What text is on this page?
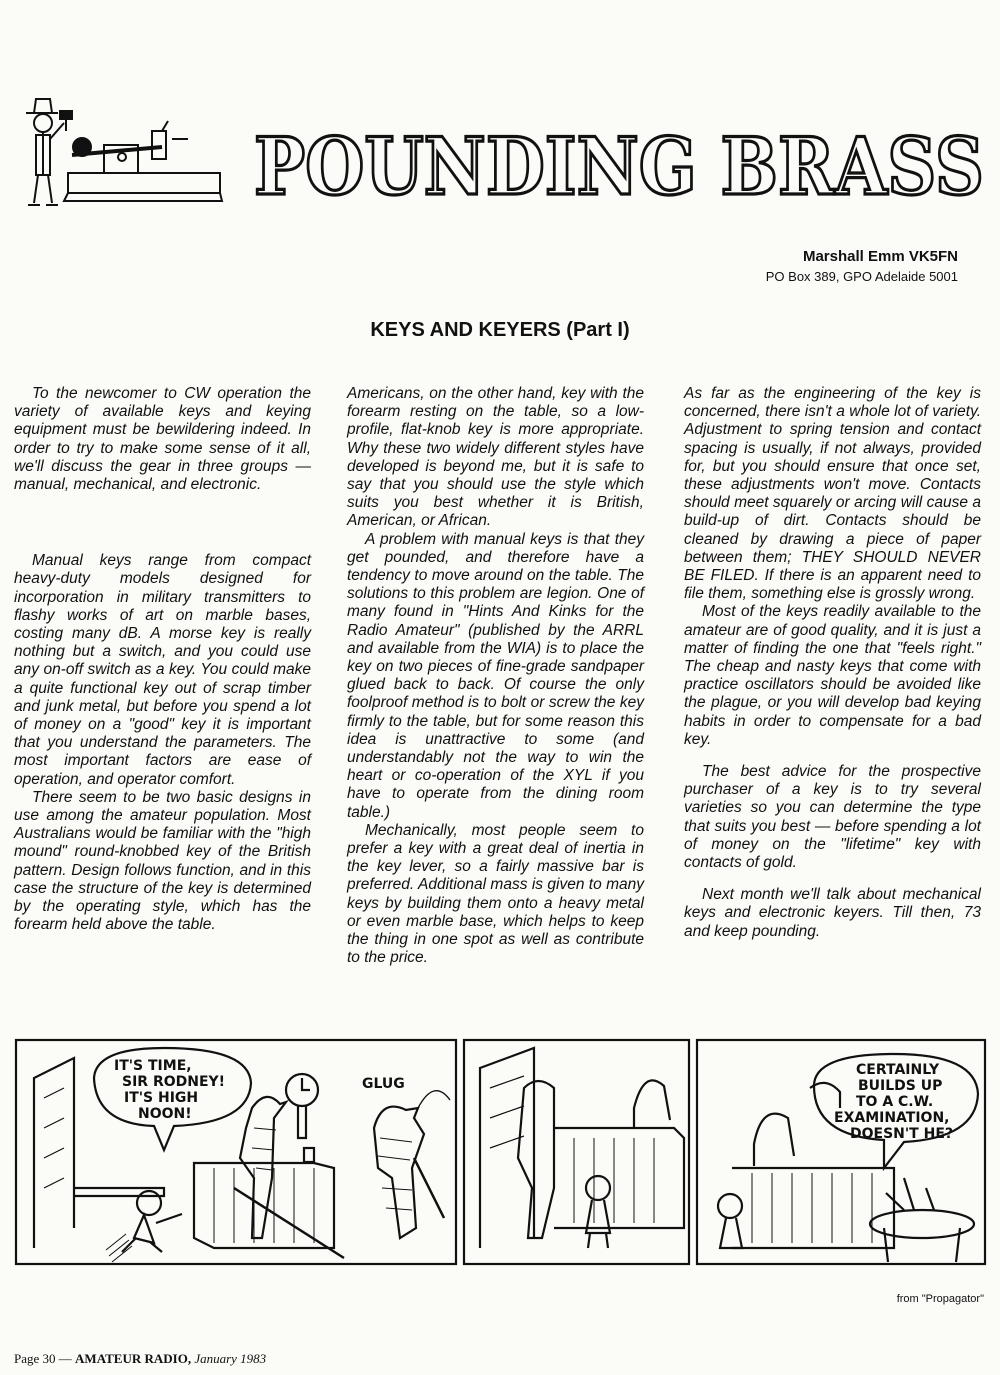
POUNDING BRASS
Marshall Emm VK5FN
PO Box 389, GPO Adelaide 5001
KEYS AND KEYERS (Part I)

To the newcomer to CW operation the variety of available keys and keying equipment must be bewildering indeed. In order to try to make some sense of it all, we'll discuss the gear in three groups — manual, mechanical, and electronic.

Manual keys range from compact heavy-duty models designed for incorporation in military transmitters to flashy works of art on marble bases, costing many dB. A morse key is really nothing but a switch, and you could use any on-off switch as a key. You could make a quite functional key out of scrap timber and junk metal, but before you spend a lot of money on a "good" key it is important that you understand the parameters. The most important factors are ease of operation, and operator comfort.

There seem to be two basic designs in use among the amateur population. Most Australians would be familiar with the "high mound" round-knobbed key of the British pattern. Design follows function, and in this case the structure of the key is determined by the operating style, which has the forearm held above the table.

Americans, on the other hand, key with the forearm resting on the table, so a low-profile, flat-knob key is more appropriate. Why these two widely different styles have developed is beyond me, but it is safe to say that you should use the style which suits you best whether it is British, American, or African.

A problem with manual keys is that they get pounded, and therefore have a tendency to move around on the table. The solutions to this problem are legion. One of many found in "Hints And Kinks for the Radio Amateur" (published by the ARRL and available from the WIA) is to place the key on two pieces of fine-grade sandpaper glued back to back. Of course the only foolproof method is to bolt or screw the key firmly to the table, but for some reason this idea is unattractive to some (and understandably not the way to win the heart or co-operation of the XYL if you have to operate from the dining room table.)

Mechanically, most people seem to prefer a key with a great deal of inertia in the key lever, so a fairly massive bar is preferred. Additional mass is given to many keys by building them onto a heavy metal or even marble base, which helps to keep the thing in one spot as well as contribute to the price.

As far as the engineering of the key is concerned, there isn't a whole lot of variety. Adjustment to spring tension and contact spacing is usually, if not always, provided for, but you should ensure that once set, these adjustments won't move. Contacts should meet squarely or arcing will cause a build-up of dirt. Contacts should be cleaned by drawing a piece of paper between them; THEY SHOULD NEVER BE FILED. If there is an apparent need to file them, something else is grossly wrong.

Most of the keys readily available to the amateur are of good quality, and it is just a matter of finding the one that "feels right." The cheap and nasty keys that come with practice oscillators should be avoided like the plague, or you will develop bad keying habits in order to compensate for a bad key.

The best advice for the prospective purchaser of a key is to try several varieties so you can determine the type that suits you best — before spending a lot of money on the "lifetime" key with contacts of gold.

Next month we'll talk about mechanical keys and electronic keyers. Till then, 73 and keep pounding.

IT'S TIME,
SIR RODNEY!
IT'S HIGH
NOON!
GLUG
CERTAINLY
BUILDS UP
TO A C.W.
EXAMINATION,
DOESN'T HE?
from "Propagator"
Page 30 — AMATEUR RADIO, January 1983
